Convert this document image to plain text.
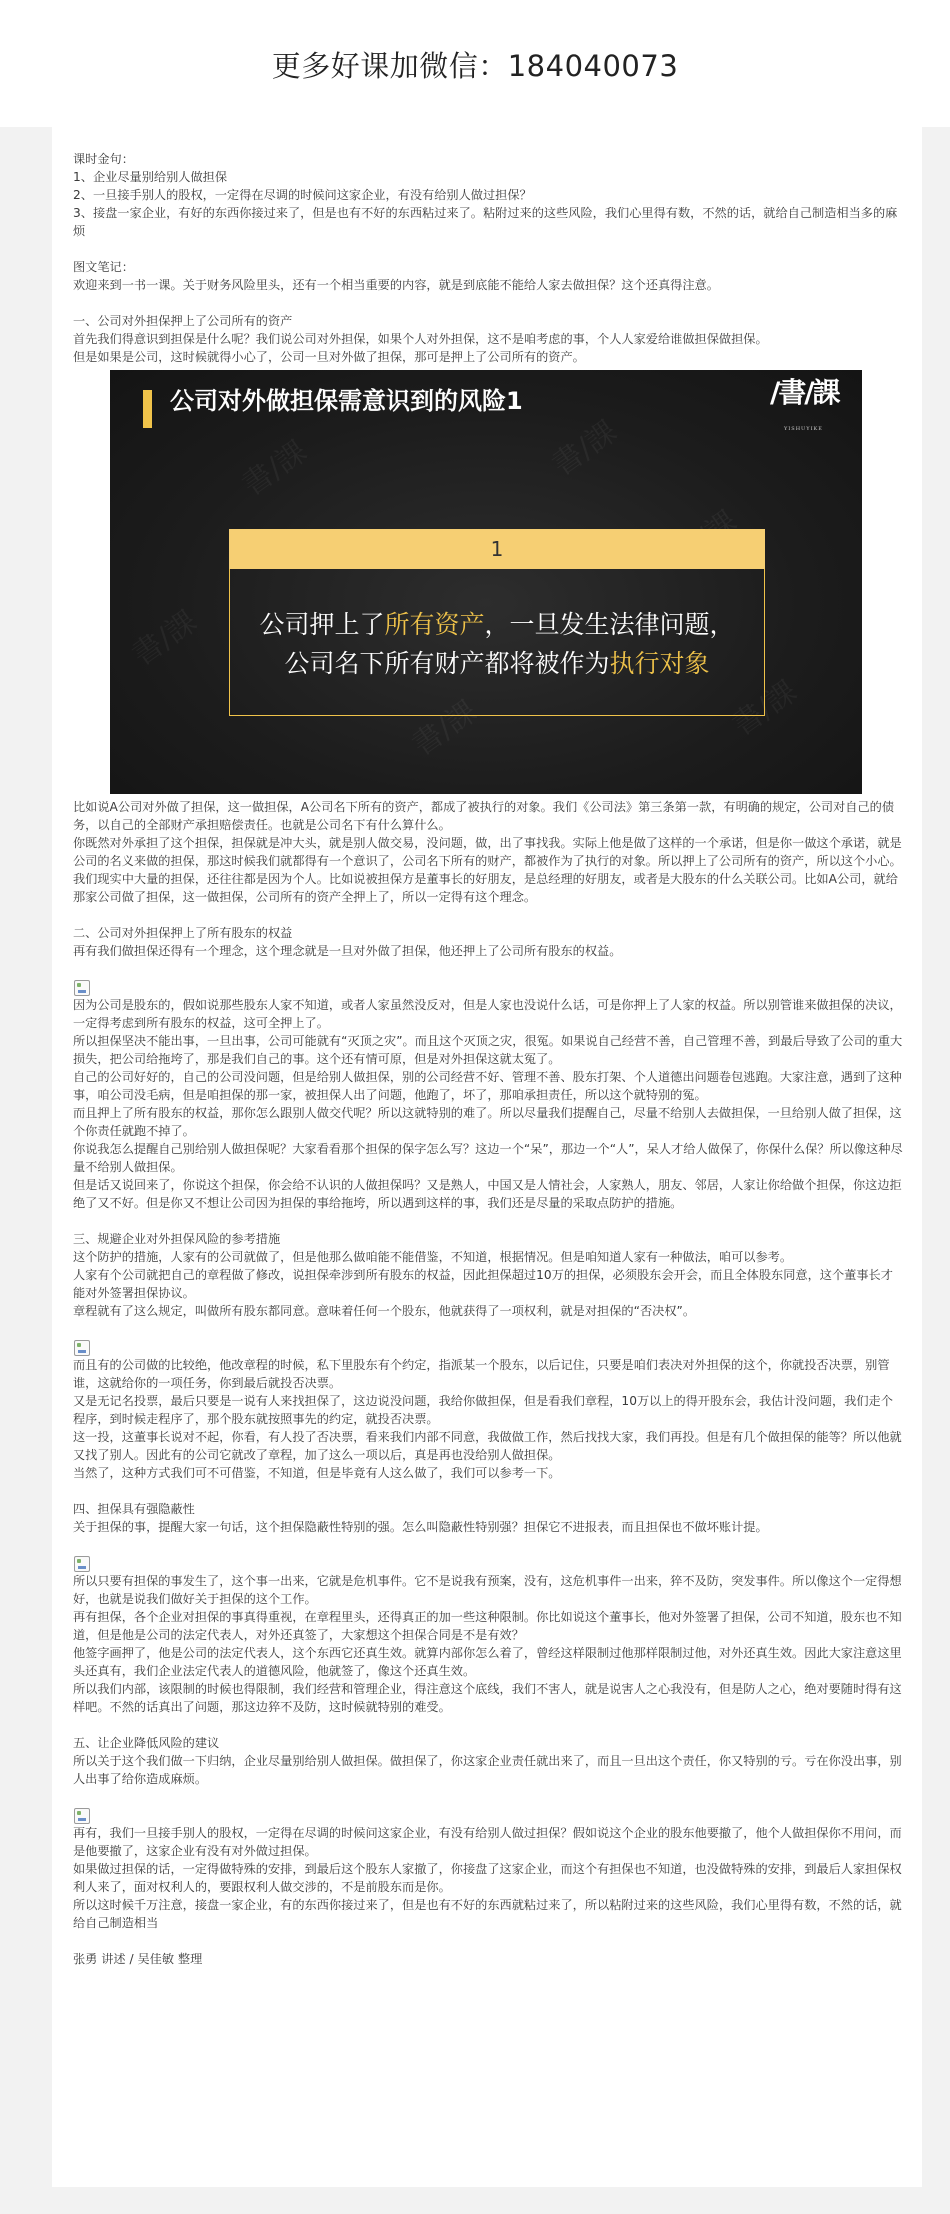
更多好课加微信：184040073

课时金句：

1、企业尽量别给别人做担保

2、一旦接手别人的股权，一定得在尽调的时候问这家企业，有没有给别人做过担保？

3、接盘一家企业，有好的东西你接过来了，但是也有不好的东西粘过来了。粘附过来的这些风险，我们心里得有数，不然的话，就给自己制造相当多的麻烦

图文笔记：

欢迎来到一书一课。关于财务风险里头，还有一个相当重要的内容，就是到底能不能给人家去做担保？这个还真得注意。

一、公司对外担保押上了公司所有的资产

首先我们得意识到担保是什么呢？我们说公司对外担保，如果个人对外担保，这不是咱考虑的事，个人人家爱给谁做担保做担保。

但是如果是公司，这时候就得小心了，公司一旦对外做了担保，那可是押上了公司所有的资产。

書/課	書/課
書/課
書/課	書/課
公司对外做担保需意识到的风险1	/書/課
YISHUYIKE
1
公司押上了所有资产，一旦发生法律问题，
公司名下所有财产都将被作为执行对象

比如说A公司对外做了担保，这一做担保，A公司名下所有的资产，都成了被执行的对象。我们《公司法》第三条第一款，有明确的规定，公司对自己的债务，以自己的全部财产承担赔偿责任。也就是公司名下有什么算什么。

你既然对外承担了这个担保，担保就是冲大头，就是别人做交易，没问题，做，出了事找我。实际上他是做了这样的一个承诺，但是你一做这个承诺，就是公司的名义来做的担保，那这时候我们就都得有一个意识了，公司名下所有的财产，都被作为了执行的对象。所以押上了公司所有的资产，所以这个小心。

我们现实中大量的担保，还往往都是因为个人。比如说被担保方是董事长的好朋友，是总经理的好朋友，或者是大股东的什么关联公司。比如A公司，就给那家公司做了担保，这一做担保，公司所有的资产全押上了，所以一定得有这个理念。

二、公司对外担保押上了所有股东的权益

再有我们做担保还得有一个理念，这个理念就是一旦对外做了担保，他还押上了公司所有股东的权益。

因为公司是股东的，假如说那些股东人家不知道，或者人家虽然没反对，但是人家也没说什么话，可是你押上了人家的权益。所以别管谁来做担保的决议，一定得考虑到所有股东的权益，这可全押上了。

所以担保坚决不能出事，一旦出事，公司可能就有“灭顶之灾”。而且这个灭顶之灾，很冤。如果说自己经营不善，自己管理不善，到最后导致了公司的重大损失，把公司给拖垮了，那是我们自己的事。这个还有情可原，但是对外担保这就太冤了。

自己的公司好好的，自己的公司没问题，但是给别人做担保，别的公司经营不好、管理不善、股东打架、个人道德出问题卷包逃跑。大家注意，遇到了这种事，咱公司没毛病，但是咱担保的那一家，被担保人出了问题，他跑了，坏了，那咱承担责任，所以这个就特别的冤。

而且押上了所有股东的权益，那你怎么跟别人做交代呢？所以这就特别的难了。所以尽量我们提醒自己，尽量不给别人去做担保，一旦给别人做了担保，这个你责任就跑不掉了。

你说我怎么提醒自己别给别人做担保呢？大家看看那个担保的保字怎么写？这边一个“呆”，那边一个“人”，呆人才给人做保了，你保什么保？所以像这种尽量不给别人做担保。

但是话又说回来了，你说这个担保，你会给不认识的人做担保吗？又是熟人，中国又是人情社会，人家熟人，朋友、邻居，人家让你给做个担保，你这边拒绝了又不好。但是你又不想让公司因为担保的事给拖垮，所以遇到这样的事，我们还是尽量的采取点防护的措施。

三、规避企业对外担保风险的参考措施

这个防护的措施，人家有的公司就做了，但是他那么做咱能不能借鉴，不知道，根据情况。但是咱知道人家有一种做法，咱可以参考。

人家有个公司就把自己的章程做了修改，说担保牵涉到所有股东的权益，因此担保超过10万的担保，必须股东会开会，而且全体股东同意，这个董事长才能对外签署担保协议。

章程就有了这么规定，叫做所有股东都同意。意味着任何一个股东，他就获得了一项权利，就是对担保的“否决权”。

而且有的公司做的比较绝，他改章程的时候，私下里股东有个约定，指派某一个股东，以后记住，只要是咱们表决对外担保的这个，你就投否决票，别管谁，这就给你的一项任务，你到最后就投否决票。

又是无记名投票，最后只要是一说有人来找担保了，这边说没问题，我给你做担保，但是看我们章程，10万以上的得开股东会，我估计没问题，我们走个程序，到时候走程序了，那个股东就按照事先的约定，就投否决票。

这一投，这董事长说对不起，你看，有人投了否决票，看来我们内部不同意，我做做工作，然后找找大家，我们再投。但是有几个做担保的能等？所以他就又找了别人。因此有的公司它就改了章程，加了这么一项以后，真是再也没给别人做担保。

当然了，这种方式我们可不可借鉴，不知道，但是毕竟有人这么做了，我们可以参考一下。

四、担保具有强隐蔽性

关于担保的事，提醒大家一句话，这个担保隐蔽性特别的强。怎么叫隐蔽性特别强？担保它不进报表，而且担保也不做坏账计提。

所以只要有担保的事发生了，这个事一出来，它就是危机事件。它不是说我有预案，没有，这危机事件一出来，猝不及防，突发事件。所以像这个一定得想好，也就是说我们做好关于担保的这个工作。

再有担保，各个企业对担保的事真得重视，在章程里头，还得真正的加一些这种限制。你比如说这个董事长，他对外签署了担保，公司不知道，股东也不知道，但是他是公司的法定代表人，对外还真签了，大家想这个担保合同是不是有效？

他签字画押了，他是公司的法定代表人，这个东西它还真生效。就算内部你怎么着了，曾经这样限制过他那样限制过他，对外还真生效。因此大家注意这里头还真有，我们企业法定代表人的道德风险，他就签了，像这个还真生效。

所以我们内部，该限制的时候也得限制，我们经营和管理企业，得注意这个底线，我们不害人，就是说害人之心我没有，但是防人之心，绝对要随时得有这样吧。不然的话真出了问题，那这边猝不及防，这时候就特别的难受。

五、让企业降低风险的建议

所以关于这个我们做一下归纳，企业尽量别给别人做担保。做担保了，你这家企业责任就出来了，而且一旦出这个责任，你又特别的亏。亏在你没出事，别人出事了给你造成麻烦。

再有，我们一旦接手别人的股权，一定得在尽调的时候问这家企业，有没有给别人做过担保？假如说这个企业的股东他要撤了，他个人做担保你不用问，而是他要撤了，这家企业有没有对外做过担保。

如果做过担保的话，一定得做特殊的安排，到最后这个股东人家撤了，你接盘了这家企业，而这个有担保也不知道，也没做特殊的安排，到最后人家担保权利人来了，面对权利人的，要跟权利人做交涉的，不是前股东而是你。

所以这时候千万注意，接盘一家企业，有的东西你接过来了，但是也有不好的东西就粘过来了，所以粘附过来的这些风险，我们心里得有数，不然的话，就给自己制造相当

张勇 讲述 / 吴佳敏 整理
